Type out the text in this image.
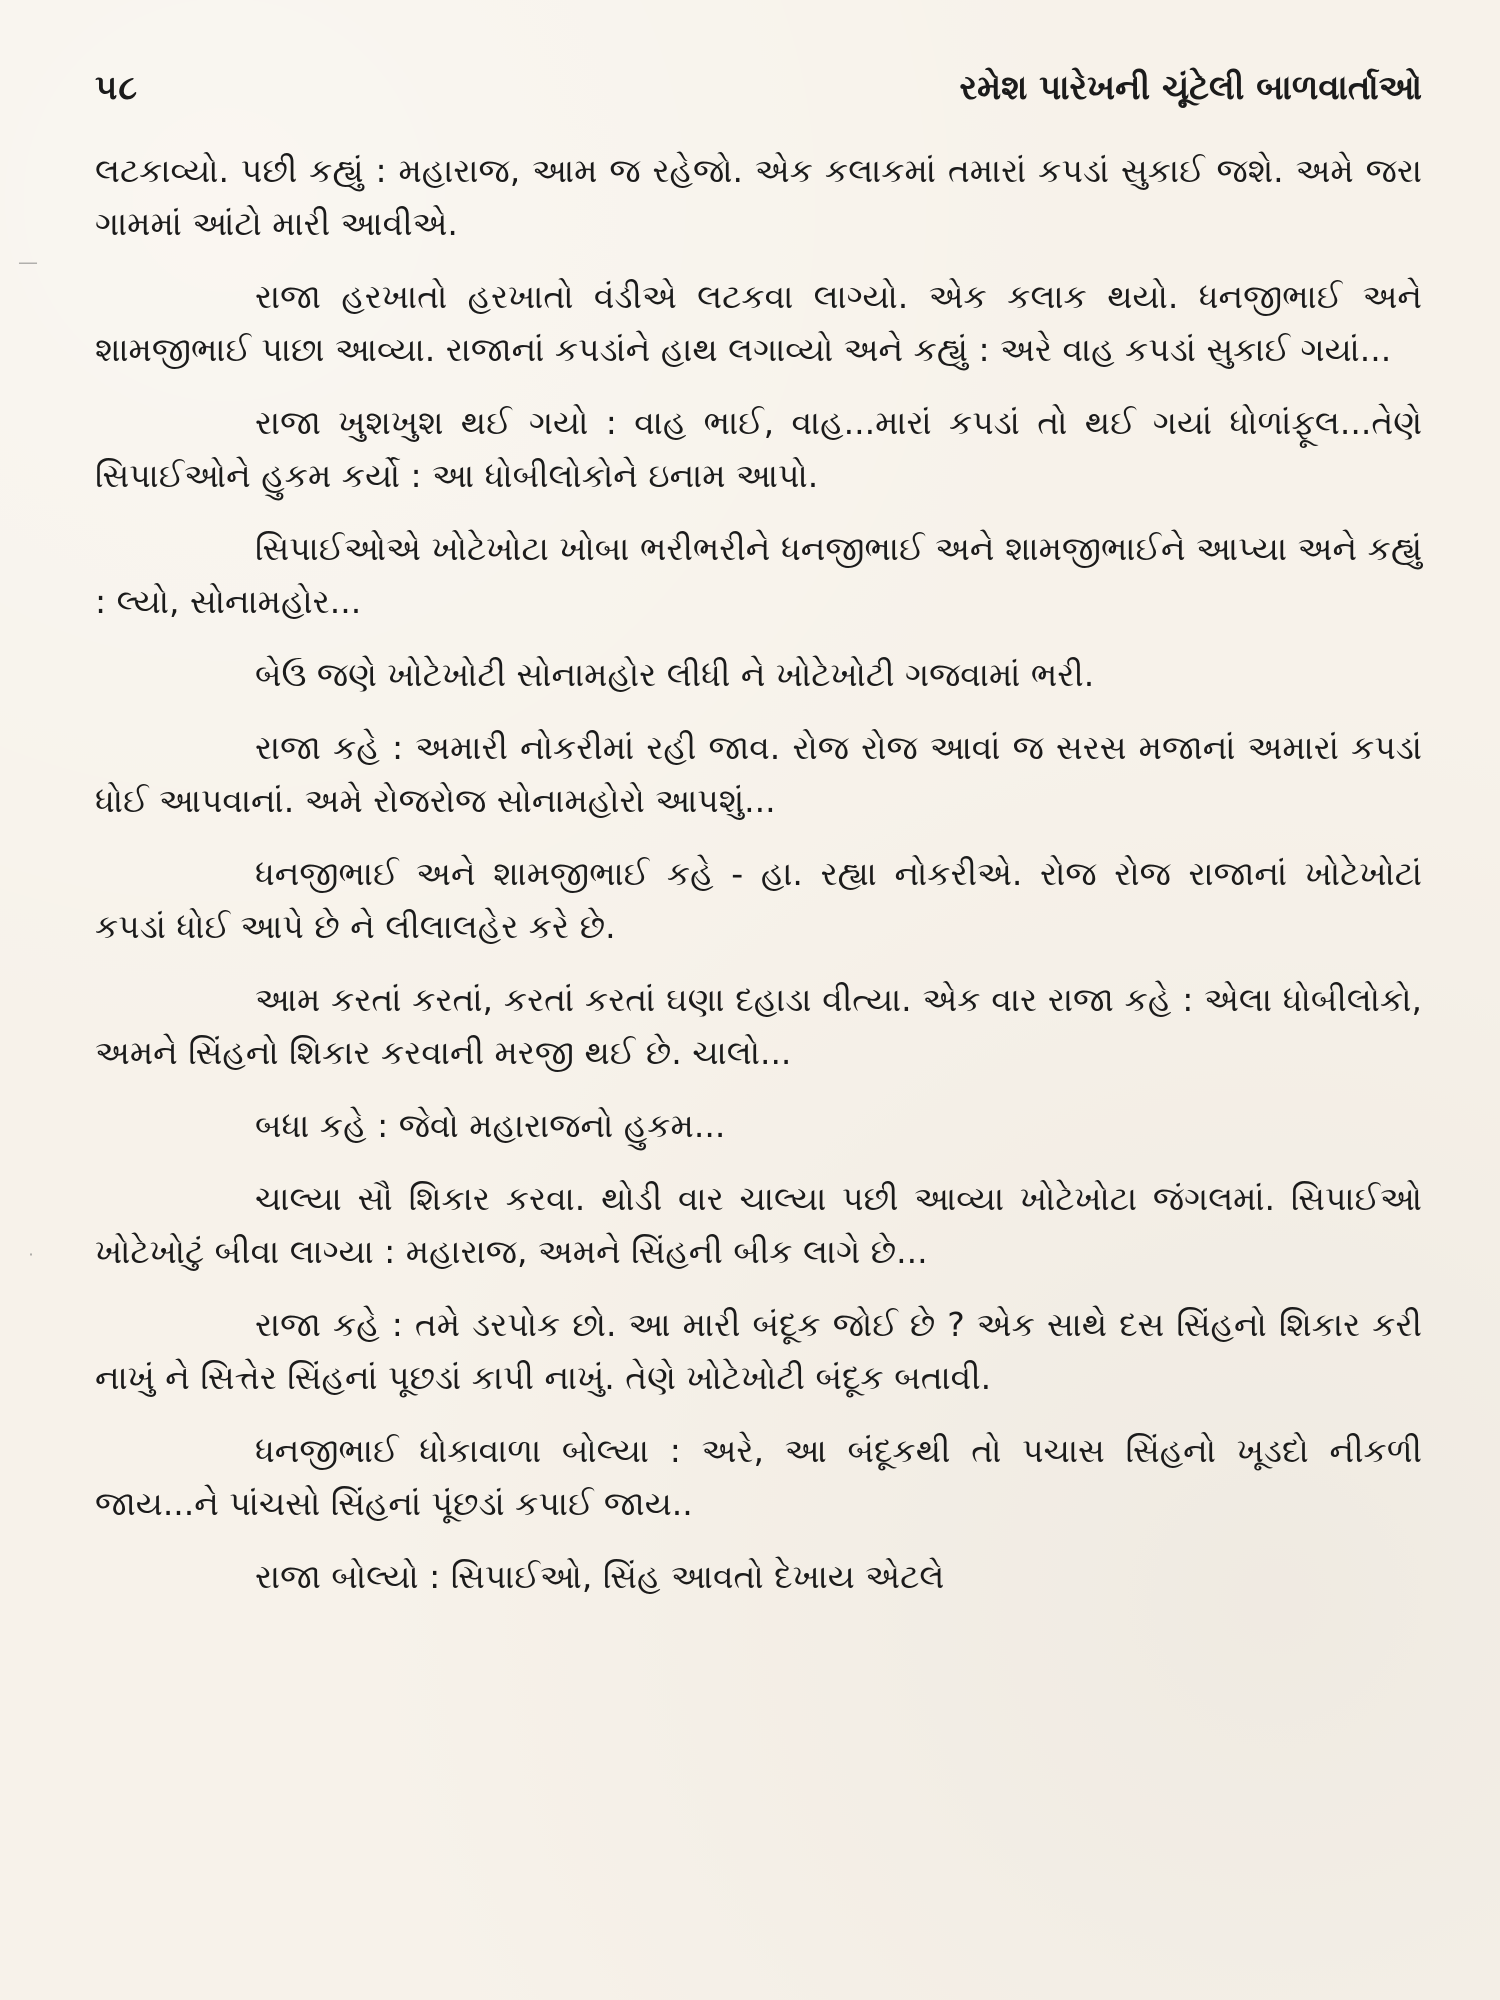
—
˙
૫૮	રમેશ પારેખની ચૂંટેલી બાળવાર્તાઓ

લટકાવ્યો. પછી કહ્યું : મહારાજ, આમ જ રહેજો. એક કલાકમાં તમારાં કપડાં સુકાઈ જશે. અમે જરા ગામમાં આંટો મારી આવીએ.

રાજા હરખાતો હરખાતો વંડીએ લટકવા લાગ્યો. એક કલાક થયો. ધનજીભાઈ અને શામજીભાઈ પાછા આવ્યા. રાજાનાં કપડાંને હાથ લગાવ્યો અને કહ્યું : અરે વાહ કપડાં સુકાઈ ગયાં...

રાજા ખુશખુશ થઈ ગયો : વાહ ભાઈ, વાહ...મારાં કપડાં તો થઈ ગયાં ધોળાંફૂલ...તેણે સિપાઈઓને હુકમ કર્યો : આ ધોબીલોકોને ઇનામ આપો.

સિપાઈઓએ ખોટેખોટા ખોબા ભરીભરીને ધનજીભાઈ અને શામજીભાઈને આપ્યા અને કહ્યું : લ્યો, સોનામહોર...

બેઉ જણે ખોટેખોટી સોનામહોર લીધી ને ખોટેખોટી ગજવામાં ભરી.

રાજા કહે : અમારી નોકરીમાં રહી જાવ. રોજ રોજ આવાં જ સરસ મજાનાં અમારાં કપડાં ધોઈ આપવાનાં. અમે રોજરોજ સોનામહોરો આપશું...

ધનજીભાઈ અને શામજીભાઈ કહે - હા. રહ્યા નોકરીએ. રોજ રોજ રાજાનાં ખોટેખોટાં કપડાં ધોઈ આપે છે ને લીલાલહેર કરે છે.

આમ કરતાં કરતાં, કરતાં કરતાં ઘણા દહાડા વીત્યા. એક વાર રાજા કહે : એલા ધોબીલોકો, અમને સિંહનો શિકાર કરવાની મરજી થઈ છે. ચાલો...

બધા કહે : જેવો મહારાજનો હુકમ...

ચાલ્યા સૌ શિકાર કરવા. થોડી વાર ચાલ્યા પછી આવ્યા ખોટેખોટા જંગલમાં. સિપાઈઓ ખોટેખોટું બીવા લાગ્યા : મહારાજ, અમને સિંહની બીક લાગે છે...

રાજા કહે : તમે ડરપોક છો. આ મારી બંદૂક જોઈ છે ? એક સાથે દસ સિંહનો શિકાર કરી નાખું ને સિત્તેર સિંહનાં પૂછડાં કાપી નાખું. તેણે ખોટેખોટી બંદૂક બતાવી.

ધનજીભાઈ ધોકાવાળા બોલ્યા : અરે, આ બંદૂકથી તો પચાસ સિંહનો ખૂડદો નીકળી જાય...ને પાંચસો સિંહનાં પૂંછડાં કપાઈ જાય..

રાજા બોલ્યો : સિપાઈઓ, સિંહ આવતો દેખાય એટલે
